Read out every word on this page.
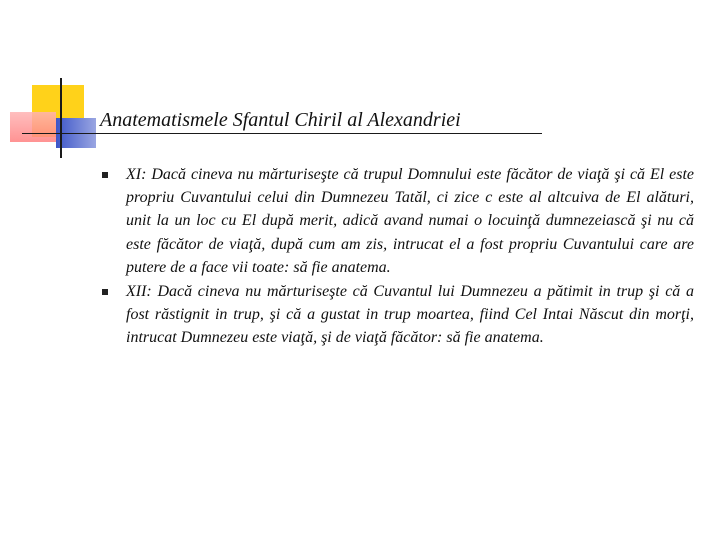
Anatematismele Sfantul Chiril al Alexandriei
XI: Dacă cineva nu mărturiseşte că trupul Domnului este făcător de viaţă şi că El este propriu Cuvantului celui din Dumnezeu Tatăl, ci zice c este al altcuiva de El alături, unit la un loc cu El după merit, adică avand numai o locuinţă dumnezeiască şi nu că este făcător de viaţă, după cum am zis, intrucat el a fost propriu Cuvantului care are putere de a face vii toate: să fie anatema.
XII: Dacă cineva nu mărturiseşte că Cuvantul lui Dumnezeu a pătimit in trup şi că a fost răstignit in trup, şi că a gustat in trup moartea, fiind Cel Intai Născut din morţi, intrucat Dumnezeu este viaţă, şi de viaţă făcător: să fie anatema.
